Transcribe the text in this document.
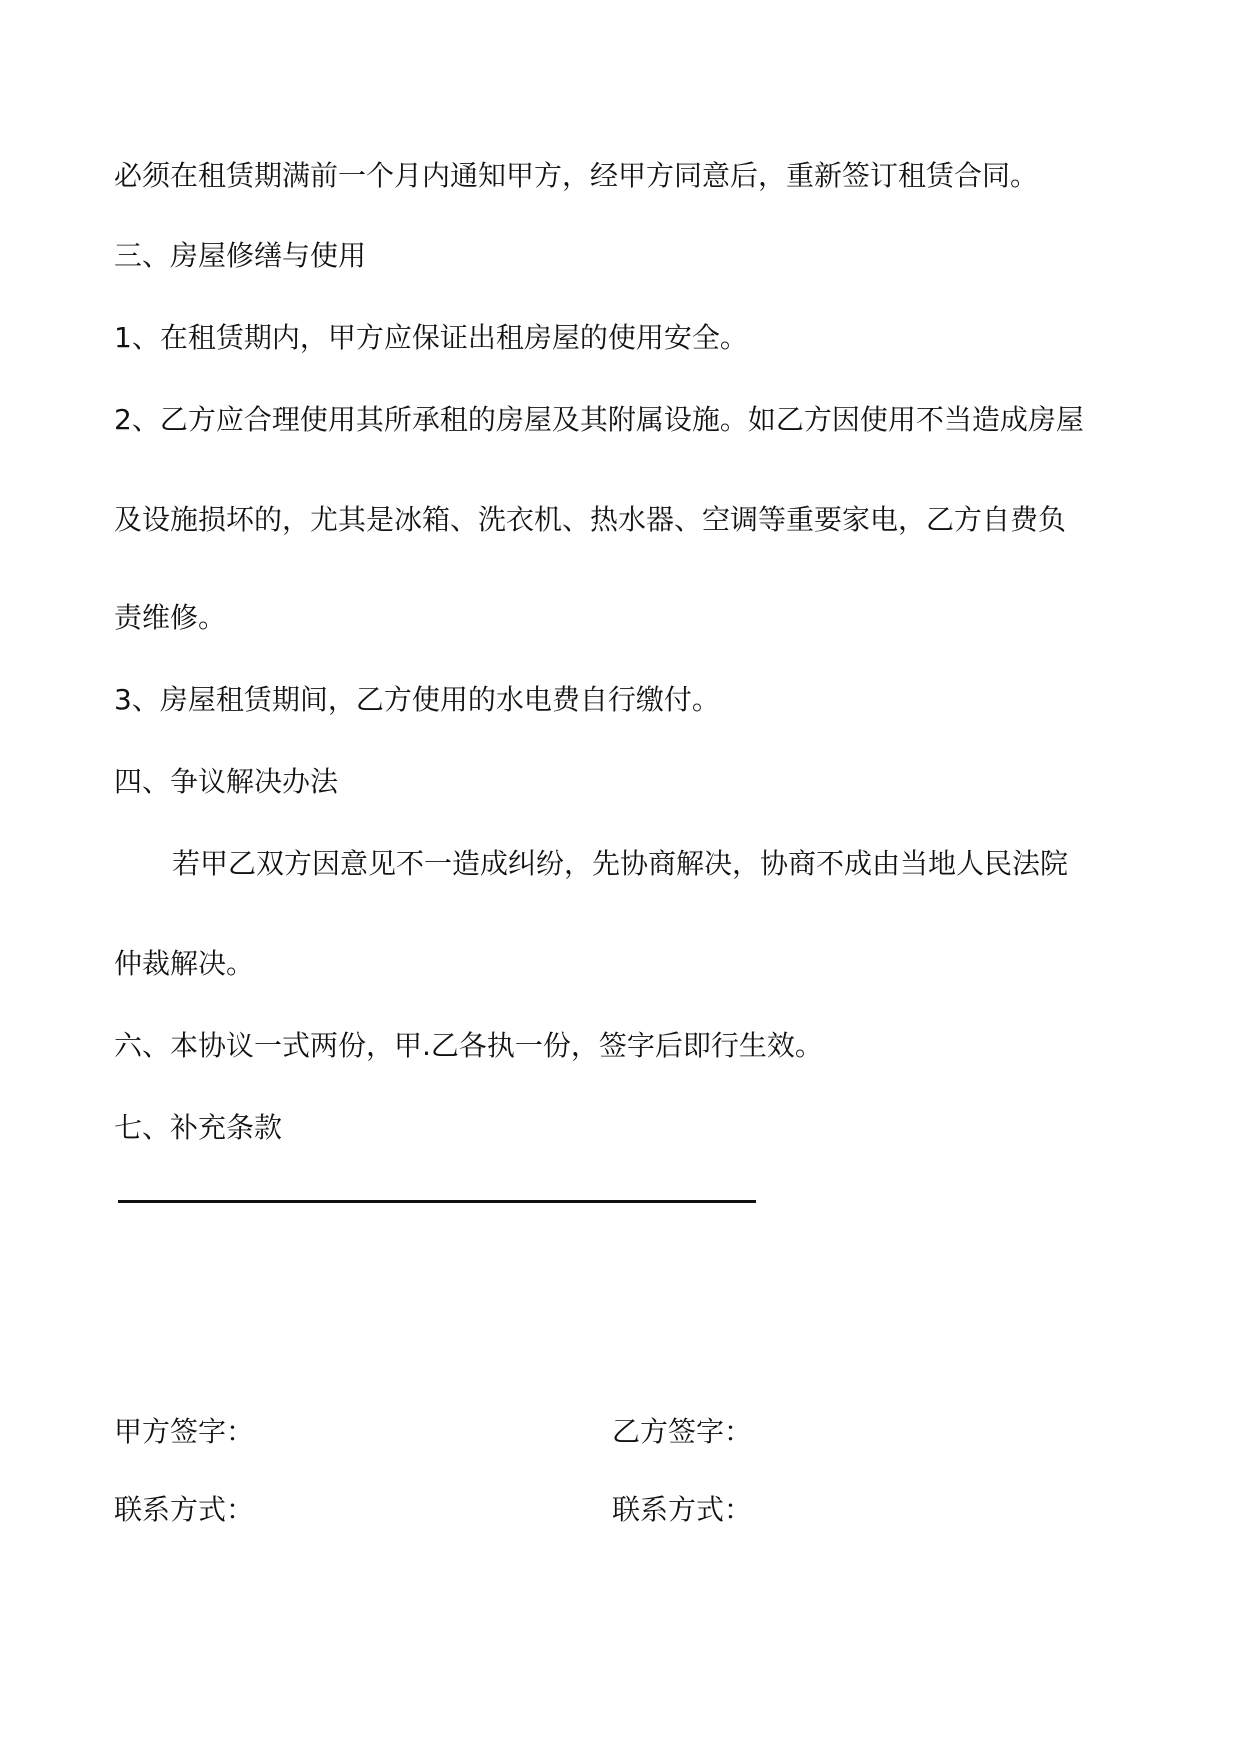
必须在租赁期满前一个月内通知甲方，经甲方同意后，重新签订租赁合同。
三、房屋修缮与使用
1、在租赁期内，甲方应保证出租房屋的使用安全。
2、乙方应合理使用其所承租的房屋及其附属设施。如乙方因使用不当造成房屋
及设施损坏的，尤其是冰箱、洗衣机、热水器、空调等重要家电，乙方自费负
责维修。
3、房屋租赁期间，乙方使用的水电费自行缴付。
四、争议解决办法
若甲乙双方因意见不一造成纠纷，先协商解决，协商不成由当地人民法院
仲裁解决。
六、本协议一式两份，甲.乙各执一份，签字后即行生效。
七、补充条款
甲方签字：	乙方签字：
联系方式：	联系方式：
